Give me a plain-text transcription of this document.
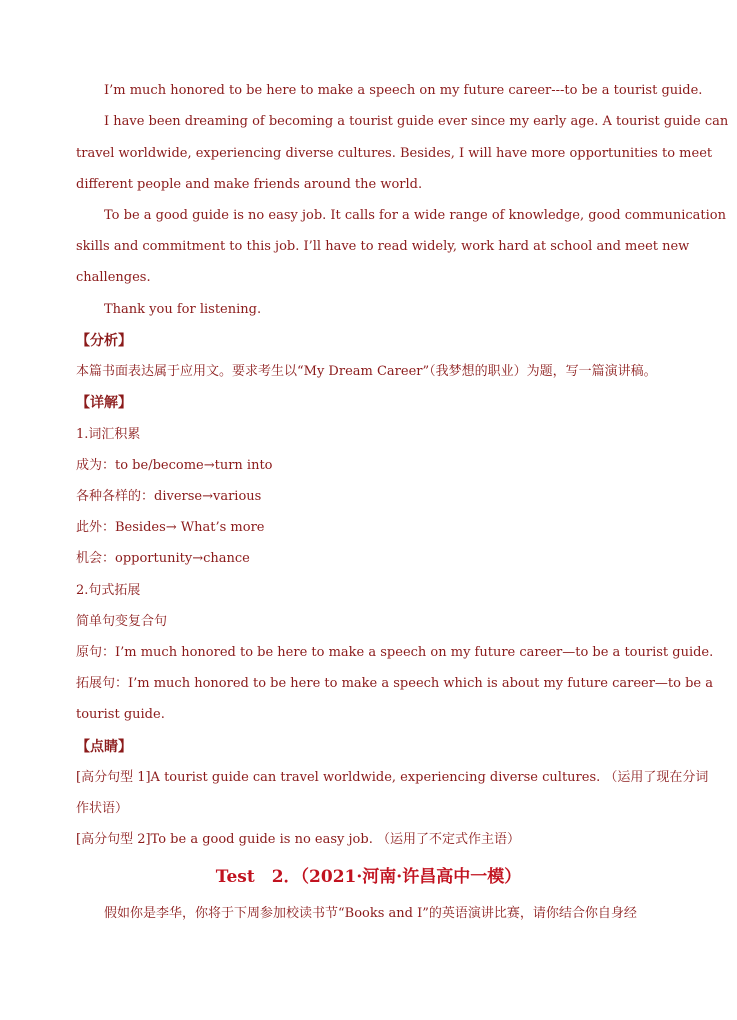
I’m much honored to be here to make a speech on my future career---to be a tourist guide.
I have been dreaming of becoming a tourist guide ever since my early age. A tourist guide can
travel worldwide, experiencing diverse cultures. Besides, I will have more opportunities to meet
different people and make friends around the world.
To be a good guide is no easy job. It calls for a wide range of knowledge, good communication
skills and commitment to this job. I’ll have to read widely, work hard at school and meet new
challenges.
Thank you for listening.
【分析】
本篇书面表达属于应用文。要求考生以“My Dream Career”（我梦想的职业）为题，写一篇演讲稿。
【详解】
1.词汇积累
成为：to be/become→turn into
各种各样的：diverse→various
此外：Besides→ What’s more
机会：opportunity→chance
2.句式拓展
简单句变复合句
原句：I’m much honored to be here to make a speech on my future career—to be a tourist guide.
拓展句：I’m much honored to be here to make a speech which is about my future career—to be a
tourist guide.
【点睛】
[高分句型 1]A tourist guide can travel worldwide, experiencing diverse cultures. （运用了现在分词
作状语）
[高分句型 2]To be a good guide is no easy job. （运用了不定式作主语）
Test　2．（2021·河南·许昌高中一模）
假如你是李华，你将于下周参加校读书节“Books and I”的英语演讲比赛，请你结合你自身经
